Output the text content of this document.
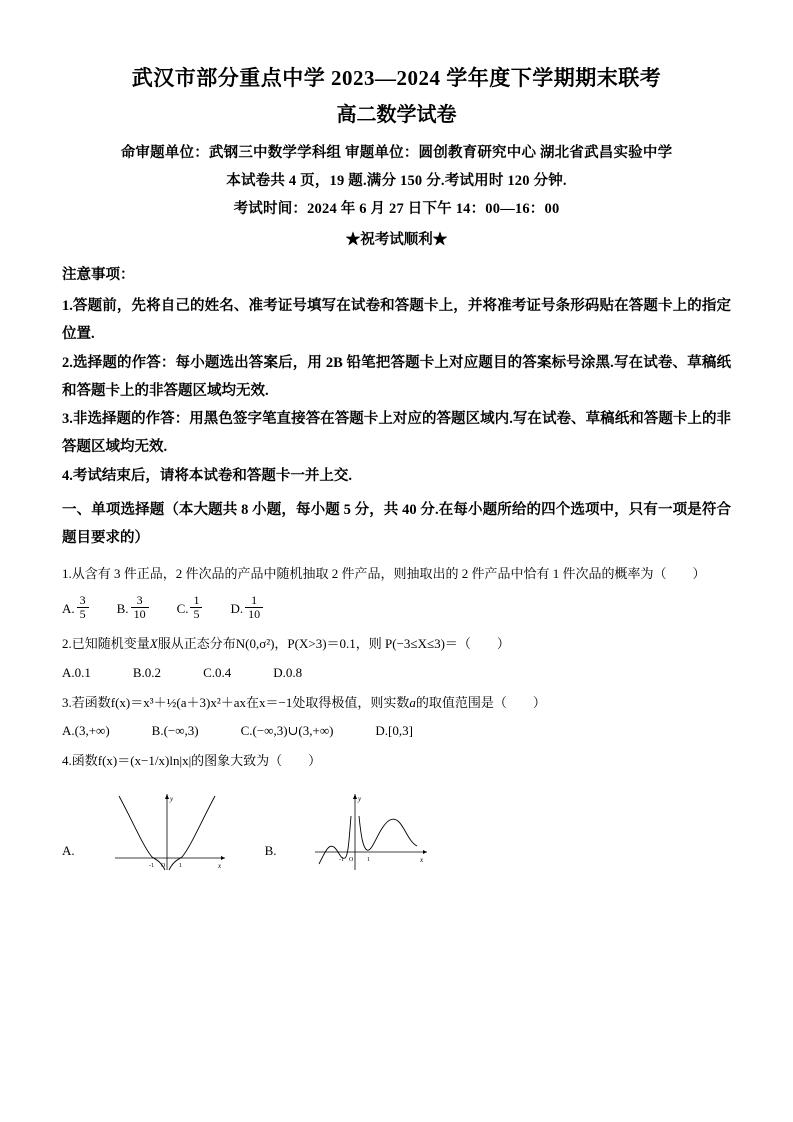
武汉市部分重点中学 2023—2024 学年度下学期期末联考
高二数学试卷
命审题单位：武钢三中数学学科组 审题单位：圆创教育研究中心 湖北省武昌实验中学
本试卷共 4 页，19 题.满分 150 分.考试用时 120 分钟.
考试时间：2024 年 6 月 27 日下午 14：00—16：00
★祝考试顺利★
注意事项：

1.答题前，先将自己的姓名、准考证号填写在试卷和答题卡上，并将准考证号条形码贴在答题卡上的指定位置.

2.选择题的作答：每小题选出答案后，用 2B 铅笔把答题卡上对应题目的答案标号涂黑.写在试卷、草稿纸和答题卡上的非答题区域均无效.

3.非选择题的作答：用黑色签字笔直接答在答题卡上对应的答题区域内.写在试卷、草稿纸和答题卡上的非答题区域均无效.

4.考试结束后，请将本试卷和答题卡一并上交.

一、单项选择题（本大题共 8 小题，每小题 5 分，共 40 分.在每小题所给的四个选项中，只有一项是符合题目要求的）
1.从含有 3 件正品，2 件次品的产品中随机抽取 2 件产品，则抽取出的 2 件产品中恰有 1 件次品的概率为（　　）
A. $\frac{3}{5} B$. $\frac{3}{10} C$. $\frac{1}{5} D$. $\frac{1}{10}$
2.已知随机变量X服从正态分布N(0,σ²)，P(X>3)＝0.1，则 P(−3≤X≤3)＝（　　）
A.0.1	B.0.2	C.0.4	D.0.8
3.若函数f(x)＝x³＋½(a＋3)x²＋ax在x＝−1处取得极值，则实数a的取值范围是（　　）
A.(3,+∞)	B.(−∞,3)	C.(−∞,3)∪(3,+∞)	D.[0,3]
4.函数f(x)＝(x−1/x)ln|x|的图象大致为（　　）
A.
y
x
-1 O 1
B.
y
x
-1 O 1
